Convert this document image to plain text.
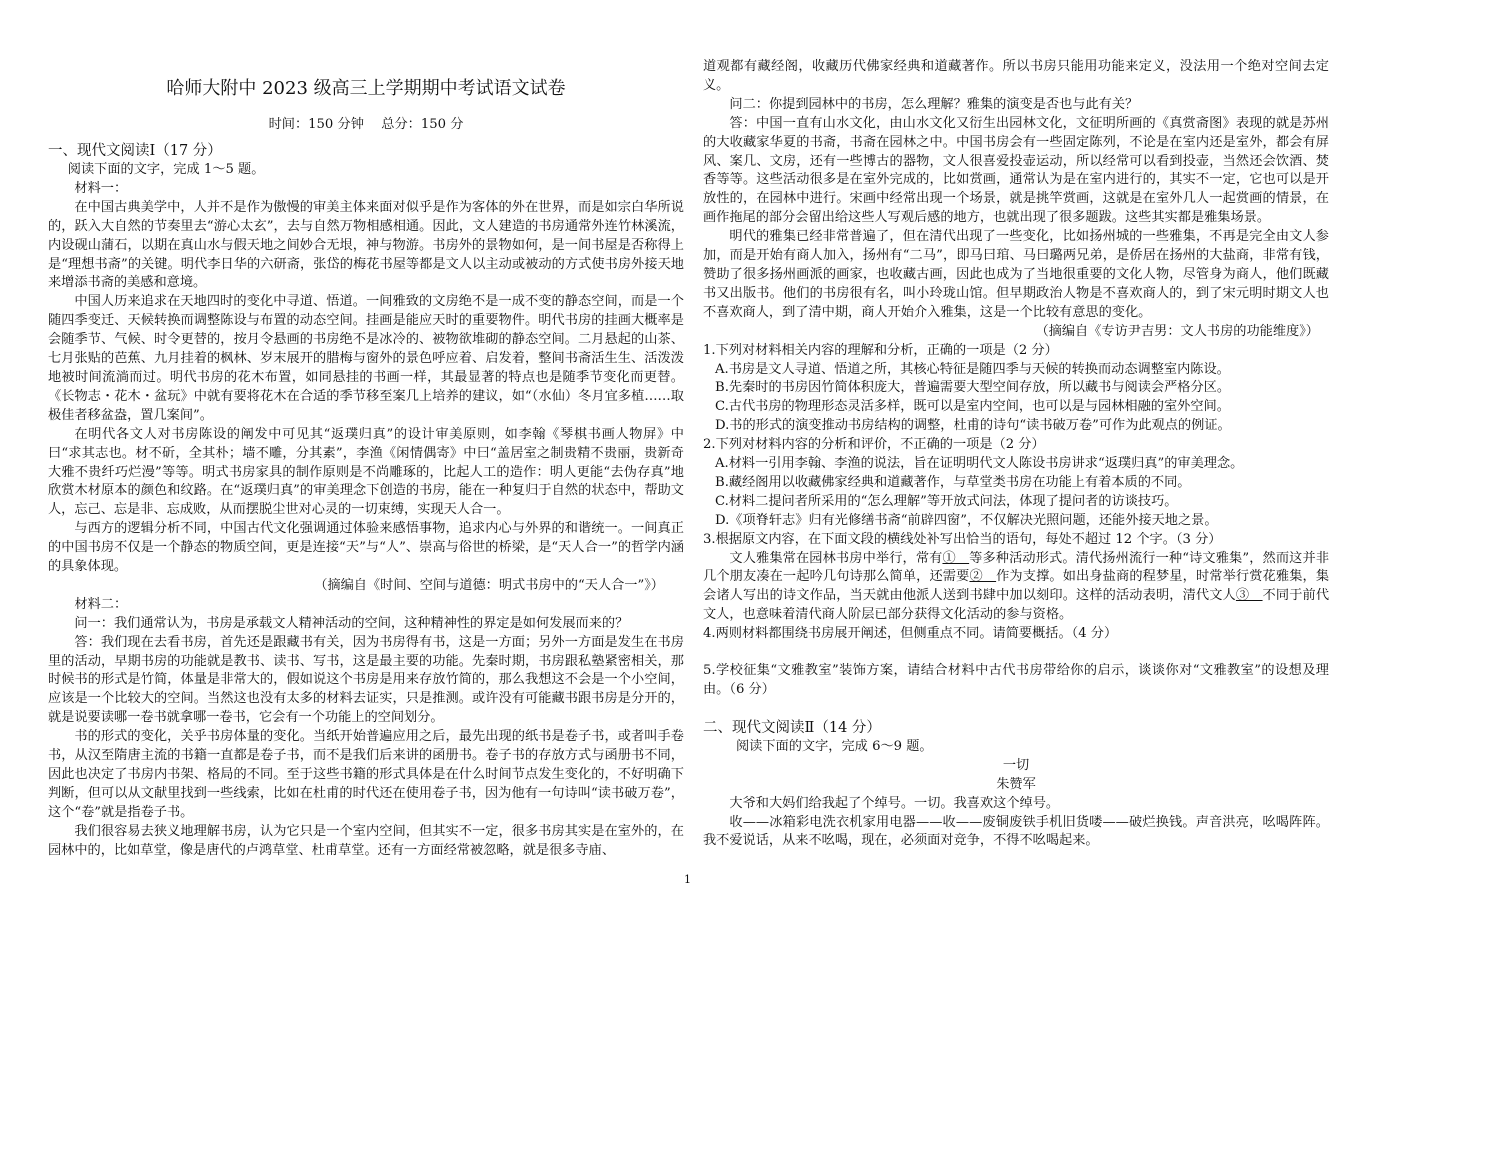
哈师大附中 2023 级高三上学期期中考试语文试卷
时间：150 分钟　 总分：150 分

一、现代文阅读Ⅰ（17 分）

阅读下面的文字，完成 1～5 题。

材料一：

在中国古典美学中，人并不是作为傲慢的审美主体来面对似乎是作为客体的外在世界，而是如宗白华所说的，跃入大自然的节奏里去“游心太玄”，去与自然万物相感相通。因此，文人建造的书房通常外连竹林溪流，内设砚山蒲石，以期在真山水与假天地之间妙合无垠，神与物游。书房外的景物如何，是一间书屋是否称得上是“理想书斋”的关键。明代李日华的六研斋，张岱的梅花书屋等都是文人以主动或被动的方式使书房外接天地来增添书斋的美感和意境。

中国人历来追求在天地四时的变化中寻道、悟道。一间雅致的文房绝不是一成不变的静态空间，而是一个随四季变迁、天候转换而调整陈设与布置的动态空间。挂画是能应天时的重要物件。明代书房的挂画大概率是会随季节、气候、时令更替的，按月令悬画的书房绝不是冰冷的、被物欲堆砌的静态空间。二月悬起的山茶、七月张贴的芭蕉、九月挂着的枫林、岁末展开的腊梅与窗外的景色呼应着、启发着，整间书斋活生生、活泼泼地被时间流淌而过。明代书房的花木布置，如同悬挂的书画一样，其最显著的特点也是随季节变化而更替。《长物志・花木・盆玩》中就有要将花木在合适的季节移至案几上培养的建议，如“（水仙）冬月宜多植……取极佳者移盆盎，置几案间”。

在明代各文人对书房陈设的阐发中可见其“返璞归真”的设计审美原则，如李翰《琴棋书画人物屏》中曰“求其志也。材不斫，全其朴；墙不雕，分其素”，李渔《闲情偶寄》中曰“盖居室之制贵精不贵丽，贵新奇大雅不贵纤巧烂漫”等等。明式书房家具的制作原则是不尚雕琢的，比起人工的造作：明人更能“去伪存真”地欣赏木材原本的颜色和纹路。在“返璞归真”的审美理念下创造的书房，能在一种复归于自然的状态中，帮助文人，忘己、忘是非、忘成败，从而摆脱尘世对心灵的一切束缚，实现天人合一。

与西方的逻辑分析不同，中国古代文化强调通过体验来感悟事物，追求内心与外界的和谐统一。一间真正的中国书房不仅是一个静态的物质空间，更是连接“天”与“人”、崇高与俗世的桥梁，是“天人合一”的哲学内涵的具象体现。

（摘编自《时间、空间与道德：明式书房中的“天人合一”》）

材料二：

问一：我们通常认为，书房是承载文人精神活动的空间，这种精神性的界定是如何发展而来的？

答：我们现在去看书房，首先还是跟藏书有关，因为书房得有书，这是一方面；另外一方面是发生在书房里的活动，早期书房的功能就是教书、读书、写书，这是最主要的功能。先秦时期，书房跟私塾紧密相关，那时候书的形式是竹简，体量是非常大的，假如说这个书房是用来存放竹简的，那么我想这不会是一个小空间，应该是一个比较大的空间。当然这也没有太多的材料去证实，只是推测。或许没有可能藏书跟书房是分开的，就是说要读哪一卷书就拿哪一卷书，它会有一个功能上的空间划分。

书的形式的变化，关乎书房体量的变化。当纸开始普遍应用之后，最先出现的纸书是卷子书，或者叫手卷书，从汉至隋唐主流的书籍一直都是卷子书，而不是我们后来讲的函册书。卷子书的存放方式与函册书不同，因此也决定了书房内书架、格局的不同。至于这些书籍的形式具体是在什么时间节点发生变化的，不好明确下判断，但可以从文献里找到一些线索，比如在杜甫的时代还在使用卷子书，因为他有一句诗叫“读书破万卷”，这个“卷”就是指卷子书。

我们很容易去狭义地理解书房，认为它只是一个室内空间，但其实不一定，很多书房其实是在室外的，在园林中的，比如草堂，像是唐代的卢鸿草堂、杜甫草堂。还有一方面经常被忽略，就是很多寺庙、

道观都有藏经阁，收藏历代佛家经典和道藏著作。所以书房只能用功能来定义，没法用一个绝对空间去定义。

问二：你提到园林中的书房，怎么理解？雅集的演变是否也与此有关？

答：中国一直有山水文化，由山水文化又衍生出园林文化，文征明所画的《真赏斋图》表现的就是苏州的大收藏家华夏的书斋，书斋在园林之中。中国书房会有一些固定陈列，不论是在室内还是室外，都会有屏风、案几、文房，还有一些博古的器物，文人很喜爱投壶运动，所以经常可以看到投壶，当然还会饮酒、焚香等等。这些活动很多是在室外完成的，比如赏画，通常认为是在室内进行的，其实不一定，它也可以是开放性的，在园林中进行。宋画中经常出现一个场景，就是挑竿赏画，这就是在室外几人一起赏画的情景，在画作拖尾的部分会留出给这些人写观后感的地方，也就出现了很多题跋。这些其实都是雅集场景。

明代的雅集已经非常普遍了，但在清代出现了一些变化，比如扬州城的一些雅集，不再是完全由文人参加，而是开始有商人加入，扬州有“二马”，即马曰琯、马曰璐两兄弟，是侨居在扬州的大盐商，非常有钱，赞助了很多扬州画派的画家，也收藏古画，因此也成为了当地很重要的文化人物，尽管身为商人，他们既藏书又出版书。他们的书房很有名，叫小玲珑山馆。但早期政治人物是不喜欢商人的，到了宋元明时期文人也不喜欢商人，到了清中期，商人开始介入雅集，这是一个比较有意思的变化。

（摘编自《专访尹吉男：文人书房的功能维度》）

1.下列对材料相关内容的理解和分析，正确的一项是（2 分）

A.书房是文人寻道、悟道之所，其核心特征是随四季与天候的转换而动态调整室内陈设。

B.先秦时的书房因竹简体积庞大，普遍需要大型空间存放，所以藏书与阅读会严格分区。

C.古代书房的物理形态灵活多样，既可以是室内空间，也可以是与园林相融的室外空间。

D.书的形式的演变推动书房结构的调整，杜甫的诗句“读书破万卷”可作为此观点的例证。

2.下列对材料内容的分析和评价，不正确的一项是（2 分）

A.材料一引用李翰、李渔的说法，旨在证明明代文人陈设书房讲求“返璞归真”的审美理念。

B.藏经阁用以收藏佛家经典和道藏著作，与草堂类书房在功能上有着本质的不同。

C.材料二提问者所采用的“怎么理解”等开放式问法，体现了提问者的访谈技巧。

D.《项脊轩志》归有光修缮书斋“前辟四窗”，不仅解决光照问题，还能外接天地之景。

3.根据原文内容，在下面文段的横线处补写出恰当的语句，每处不超过 12 个字。（3 分）

文人雅集常在园林书房中举行，常有①　等多种活动形式。清代扬州流行一种“诗文雅集”，然而这并非几个朋友凑在一起吟几句诗那么简单，还需要②　作为支撑。如出身盐商的程梦星，时常举行赏花雅集，集会诸人写出的诗文作品，当天就由他派人送到书肆中加以刻印。这样的活动表明，清代文人③　不同于前代文人，也意味着清代商人阶层已部分获得文化活动的参与资格。

4.两则材料都围绕书房展开阐述，但侧重点不同。请简要概括。（4 分）

5.学校征集“文雅教室”装饰方案，请结合材料中古代书房带给你的启示，谈谈你对“文雅教室”的设想及理由。（6 分）

二、现代文阅读Ⅱ（14 分）

阅读下面的文字，完成 6～9 题。

一切

朱赞军

大爷和大妈们给我起了个绰号。一切。我喜欢这个绰号。

收——冰箱彩电洗衣机家用电器——收——废铜废铁手机旧货喽——破烂换钱。声音洪亮，吆喝阵阵。我不爱说话，从来不吆喝，现在，必须面对竞争，不得不吆喝起来。

1
